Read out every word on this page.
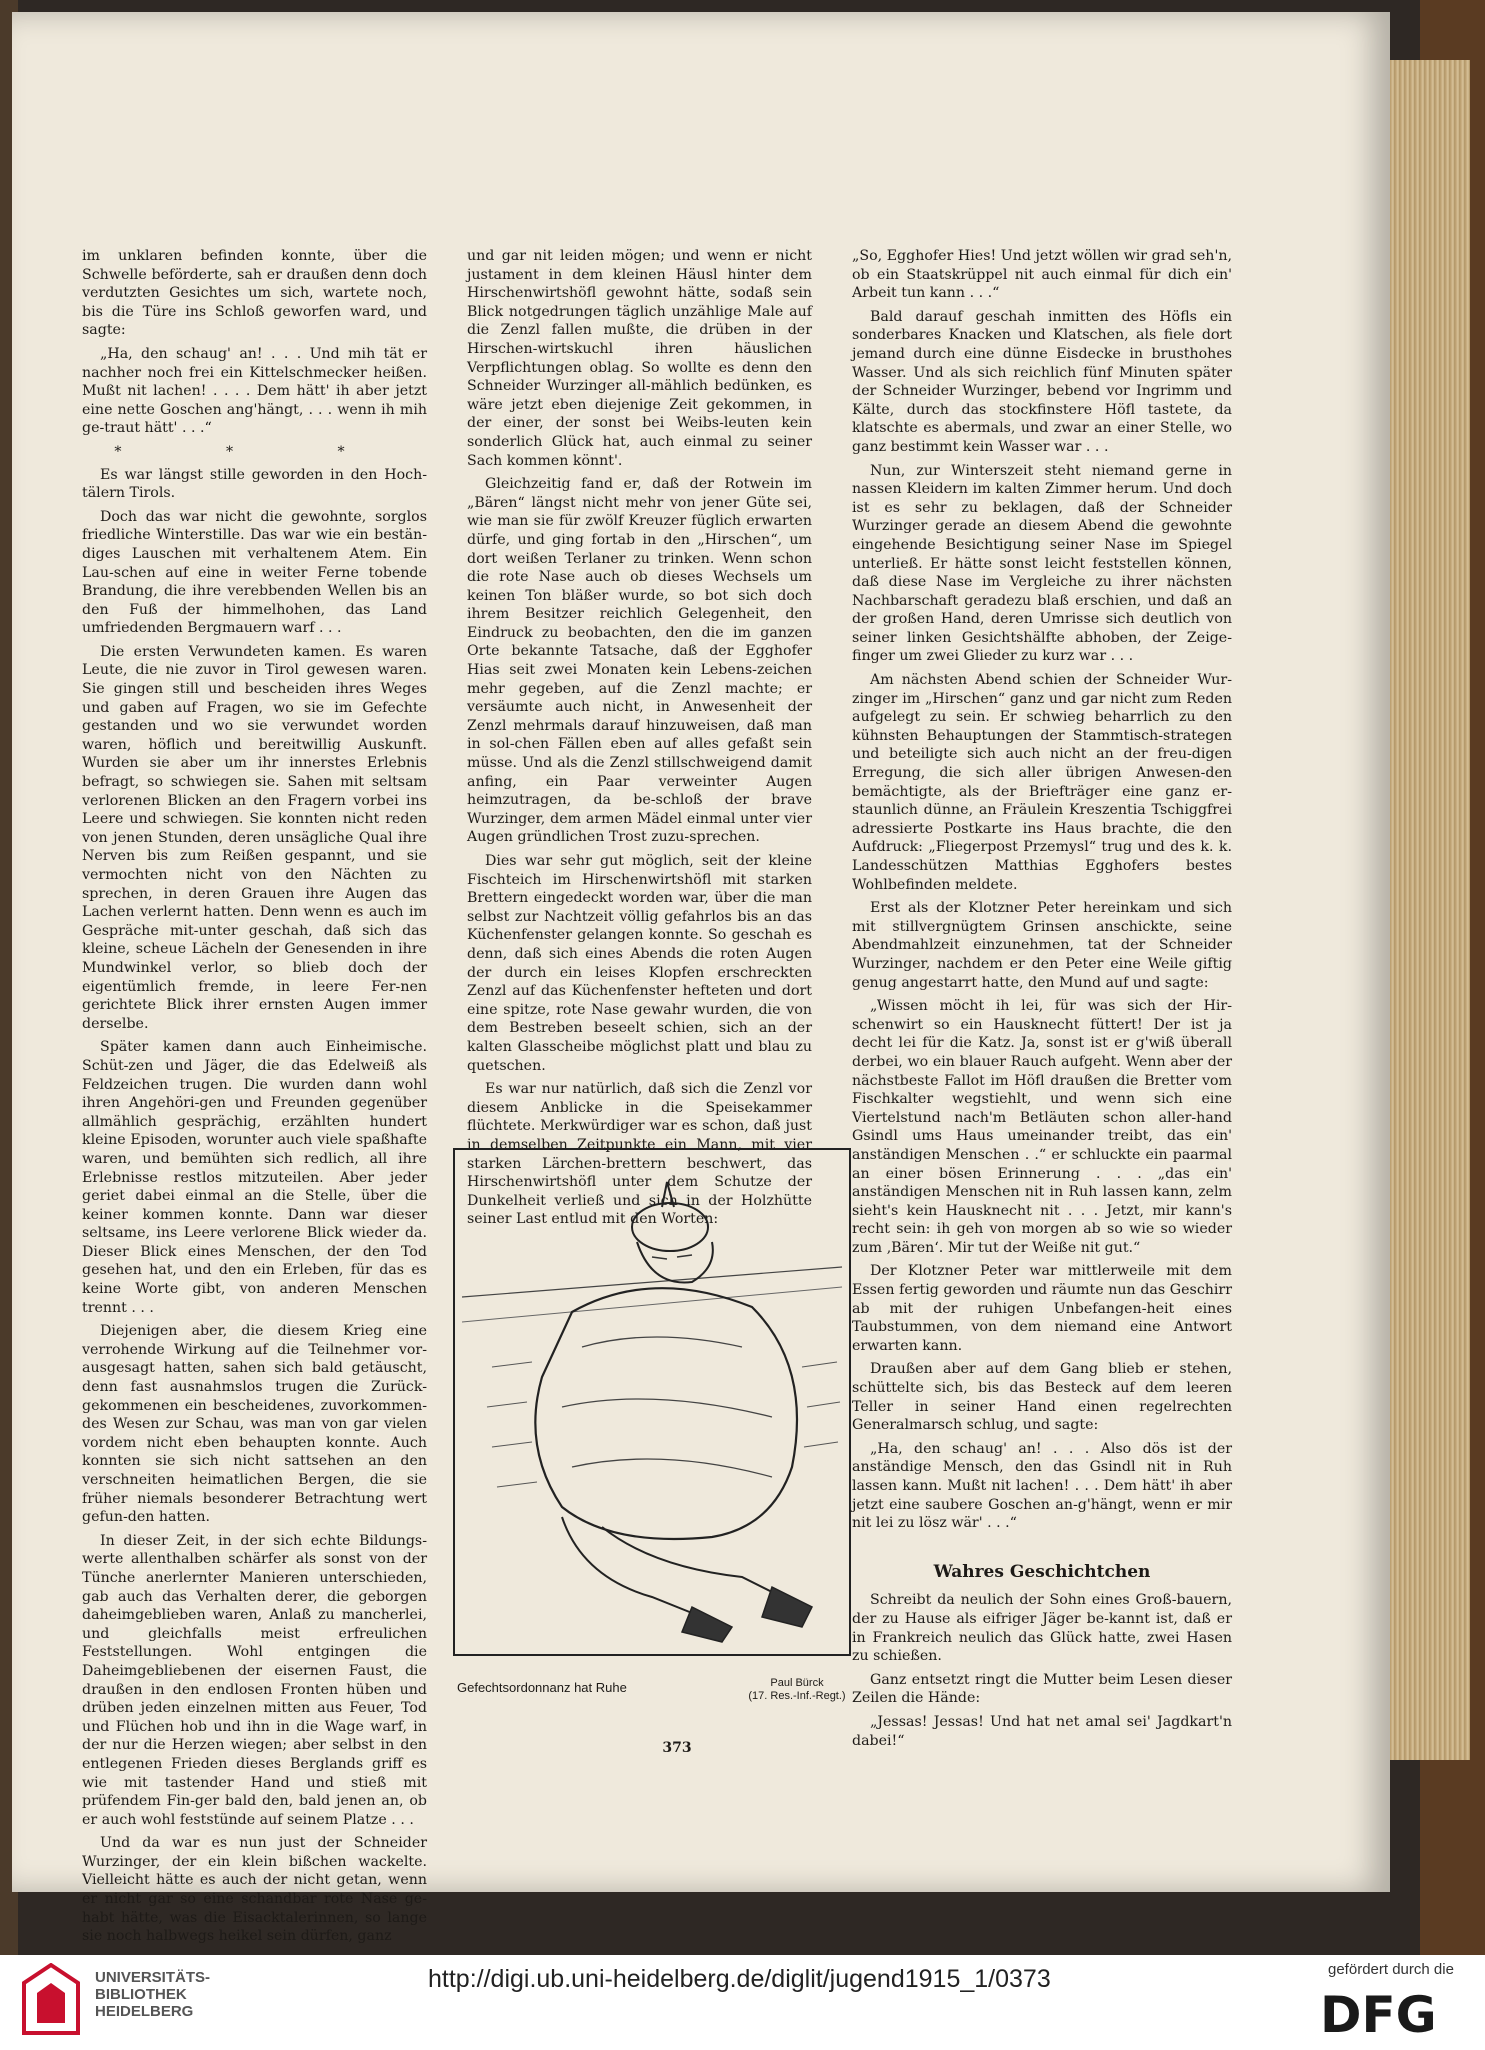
im unklaren befinden konnte, über die Schwelle beförderte, sah er draußen denn doch verdutzten Gesichtes um sich, wartete noch, bis die Türe ins Schloß geworfen ward, und sagte:

„Ha, den schaug' an! . . . Und mih tät er nachher noch frei ein Kittelschmecker heißen. Mußt nit lachen! . . . . Dem hätt' ih aber jetzt eine nette Goschen ang'hängt, . . . wenn ih mih ge-traut hätt' . . .“

* * *

Es war längst stille geworden in den Hoch-tälern Tirols.

Doch das war nicht die gewohnte, sorglos friedliche Winterstille. Das war wie ein bestän-diges Lauschen mit verhaltenem Atem. Ein Lau-schen auf eine in weiter Ferne tobende Brandung, die ihre verebbenden Wellen bis an den Fuß der himmelhohen, das Land umfriedenden Bergmauern warf . . .

Die ersten Verwundeten kamen. Es waren Leute, die nie zuvor in Tirol gewesen waren. Sie gingen still und bescheiden ihres Weges und gaben auf Fragen, wo sie im Gefechte gestanden und wo sie verwundet worden waren, höflich und bereitwillig Auskunft. Wurden sie aber um ihr innerstes Erlebnis befragt, so schwiegen sie. Sahen mit seltsam verlorenen Blicken an den Fragern vorbei ins Leere und schwiegen. Sie konnten nicht reden von jenen Stunden, deren unsägliche Qual ihre Nerven bis zum Reißen gespannt, und sie vermochten nicht von den Nächten zu sprechen, in deren Grauen ihre Augen das Lachen verlernt hatten. Denn wenn es auch im Gespräche mit-unter geschah, daß sich das kleine, scheue Lächeln der Genesenden in ihre Mundwinkel verlor, so blieb doch der eigentümlich fremde, in leere Fer-nen gerichtete Blick ihrer ernsten Augen immer derselbe.

Später kamen dann auch Einheimische. Schüt-zen und Jäger, die das Edelweiß als Feldzeichen trugen. Die wurden dann wohl ihren Angehöri-gen und Freunden gegenüber allmählich gesprächig, erzählten hundert kleine Episoden, worunter auch viele spaßhafte waren, und bemühten sich redlich, all ihre Erlebnisse restlos mitzuteilen. Aber jeder geriet dabei einmal an die Stelle, über die keiner kommen konnte. Dann war dieser seltsame, ins Leere verlorene Blick wieder da. Dieser Blick eines Menschen, der den Tod gesehen hat, und den ein Erleben, für das es keine Worte gibt, von anderen Menschen trennt . . .

Diejenigen aber, die diesem Krieg eine verrohende Wirkung auf die Teilnehmer vor-ausgesagt hatten, sahen sich bald getäuscht, denn fast ausnahmslos trugen die Zurück-gekommenen ein bescheidenes, zuvorkommen-des Wesen zur Schau, was man von gar vielen vordem nicht eben behaupten konnte. Auch konnten sie sich nicht sattsehen an den verschneiten heimatlichen Bergen, die sie früher niemals besonderer Betrachtung wert gefun-den hatten.

In dieser Zeit, in der sich echte Bildungs-werte allenthalben schärfer als sonst von der Tünche anerlernter Manieren unterschieden, gab auch das Verhalten derer, die geborgen daheimgeblieben waren, Anlaß zu mancherlei, und gleichfalls meist erfreulichen Feststellungen. Wohl entgingen die Daheimgebliebenen der eisernen Faust, die draußen in den endlosen Fronten hüben und drüben jeden einzelnen mitten aus Feuer, Tod und Flüchen hob und ihn in die Wage warf, in der nur die Herzen wiegen; aber selbst in den entlegenen Frieden dieses Berglands griff es wie mit tastender Hand und stieß mit prüfendem Fin-ger bald den, bald jenen an, ob er auch wohl feststünde auf seinem Platze . . .

Und da war es nun just der Schneider Wurzinger, der ein klein bißchen wackelte. Vielleicht hätte es auch der nicht getan, wenn er nicht gar so eine schandbar rote Nase ge-habt hätte, was die Eisacktalerinnen, so lange sie noch halbwegs heikel sein dürfen, ganz

und gar nit leiden mögen; und wenn er nicht justament in dem kleinen Häusl hinter dem Hirschenwirtshöfl gewohnt hätte, sodaß sein Blick notgedrungen täglich unzählige Male auf die Zenzl fallen mußte, die drüben in der Hirschen-wirtskuchl ihren häuslichen Verpflichtungen oblag. So wollte es denn den Schneider Wurzinger all-mählich bedünken, es wäre jetzt eben diejenige Zeit gekommen, in der einer, der sonst bei Weibs-leuten kein sonderlich Glück hat, auch einmal zu seiner Sach kommen könnt'.

Gleichzeitig fand er, daß der Rotwein im „Bären“ längst nicht mehr von jener Güte sei, wie man sie für zwölf Kreuzer füglich erwarten dürfe, und ging fortab in den „Hirschen“, um dort weißen Terlaner zu trinken. Wenn schon die rote Nase auch ob dieses Wechsels um keinen Ton bläßer wurde, so bot sich doch ihrem Besitzer reichlich Gelegenheit, den Eindruck zu beobachten, den die im ganzen Orte bekannte Tatsache, daß der Egghofer Hias seit zwei Monaten kein Lebens-zeichen mehr gegeben, auf die Zenzl machte; er versäumte auch nicht, in Anwesenheit der Zenzl mehrmals darauf hinzuweisen, daß man in sol-chen Fällen eben auf alles gefaßt sein müsse. Und als die Zenzl stillschweigend damit anfing, ein Paar verweinter Augen heimzutragen, da be-schloß der brave Wurzinger, dem armen Mädel einmal unter vier Augen gründlichen Trost zuzu-sprechen.

Dies war sehr gut möglich, seit der kleine Fischteich im Hirschenwirtshöfl mit starken Brettern eingedeckt worden war, über die man selbst zur Nachtzeit völlig gefahrlos bis an das Küchenfenster gelangen konnte. So geschah es denn, daß sich eines Abends die roten Augen der durch ein leises Klopfen erschreckten Zenzl auf das Küchenfenster hefteten und dort eine spitze, rote Nase gewahr wurden, die von dem Bestreben beseelt schien, sich an der kalten Glasscheibe möglichst platt und blau zu quetschen.

Es war nur natürlich, daß sich die Zenzl vor diesem Anblicke in die Speisekammer flüchtete. Merkwürdiger war es schon, daß just in demselben Zeitpunkte ein Mann, mit vier starken Lärchen-brettern beschwert, das Hirschenwirtshöfl unter dem Schutze der Dunkelheit verließ und sich in der Holzhütte seiner Last entlud mit den Worten:

„So, Egghofer Hies! Und jetzt wöllen wir grad seh'n, ob ein Staatskrüppel nit auch einmal für dich ein' Arbeit tun kann . . .“

Bald darauf geschah inmitten des Höfls ein sonderbares Knacken und Klatschen, als fiele dort jemand durch eine dünne Eisdecke in brusthohes Wasser. Und als sich reichlich fünf Minuten später der Schneider Wurzinger, bebend vor Ingrimm und Kälte, durch das stockfinstere Höfl tastete, da klatschte es abermals, und zwar an einer Stelle, wo ganz bestimmt kein Wasser war . . .

Nun, zur Winterszeit steht niemand gerne in nassen Kleidern im kalten Zimmer herum. Und doch ist es sehr zu beklagen, daß der Schneider Wurzinger gerade an diesem Abend die gewohnte eingehende Besichtigung seiner Nase im Spiegel unterließ. Er hätte sonst leicht feststellen können, daß diese Nase im Vergleiche zu ihrer nächsten Nachbarschaft geradezu blaß erschien, und daß an der großen Hand, deren Umrisse sich deutlich von seiner linken Gesichtshälfte abhoben, der Zeige-finger um zwei Glieder zu kurz war . . .

Am nächsten Abend schien der Schneider Wur-zinger im „Hirschen“ ganz und gar nicht zum Reden aufgelegt zu sein. Er schwieg beharrlich zu den kühnsten Behauptungen der Stammtisch-strategen und beteiligte sich auch nicht an der freu-digen Erregung, die sich aller übrigen Anwesen-den bemächtigte, als der Briefträger eine ganz er-staunlich dünne, an Fräulein Kreszentia Tschiggfrei adressierte Postkarte ins Haus brachte, die den Aufdruck: „Fliegerpost Przemysl“ trug und des k. k. Landesschützen Matthias Egghofers bestes Wohlbefinden meldete.

Erst als der Klotzner Peter hereinkam und sich mit stillvergnügtem Grinsen anschickte, seine Abendmahlzeit einzunehmen, tat der Schneider Wurzinger, nachdem er den Peter eine Weile giftig genug angestarrt hatte, den Mund auf und sagte:

„Wissen möcht ih lei, für was sich der Hir-schenwirt so ein Hausknecht füttert! Der ist ja decht lei für die Katz. Ja, sonst ist er g'wiß überall derbei, wo ein blauer Rauch aufgeht. Wenn aber der nächstbeste Fallot im Höfl draußen die Bretter vom Fischkalter wegstiehlt, und wenn sich eine Viertelstund nach'm Betläuten schon aller-hand Gsindl ums Haus umeinander treibt, das ein' anständigen Menschen . .“ er schluckte ein paarmal an einer bösen Erinnerung . . . „das ein' anständigen Menschen nit in Ruh lassen kann, zelm sieht's kein Hausknecht nit . . . Jetzt, mir kann's recht sein: ih geh von morgen ab so wie so wieder zum ‚Bären‘. Mir tut der Weiße nit gut.“

Der Klotzner Peter war mittlerweile mit dem Essen fertig geworden und räumte nun das Geschirr ab mit der ruhigen Unbefangen-heit eines Taubstummen, von dem niemand eine Antwort erwarten kann.

Draußen aber auf dem Gang blieb er stehen, schüttelte sich, bis das Besteck auf dem leeren Teller in seiner Hand einen regelrechten Generalmarsch schlug, und sagte:

„Ha, den schaug' an! . . . Also dös ist der anständige Mensch, den das Gsindl nit in Ruh lassen kann. Mußt nit lachen! . . . Dem hätt' ih aber jetzt eine saubere Goschen an-g'hängt, wenn er mir nit lei zu lösz wär' . . .“

Wahres Geschichtchen

Schreibt da neulich der Sohn eines Groß-bauern, der zu Hause als eifriger Jäger be-kannt ist, daß er in Frankreich neulich das Glück hatte, zwei Hasen zu schießen.

Ganz entsetzt ringt die Mutter beim Lesen dieser Zeilen die Hände:

„Jessas! Jessas! Und hat net amal sei' Jagdkart'n dabei!“

Gefechtsordonnanz hat Ruhe	Paul Bürck
(17. Res.-Inf.-Regt.)
373
UNIVERSITÄTS-
BIBLIOTHEK
HEIDELBERG
http://digi.ub.uni-heidelberg.de/diglit/jugend1915_1/0373	gefördert durch die
DFG
